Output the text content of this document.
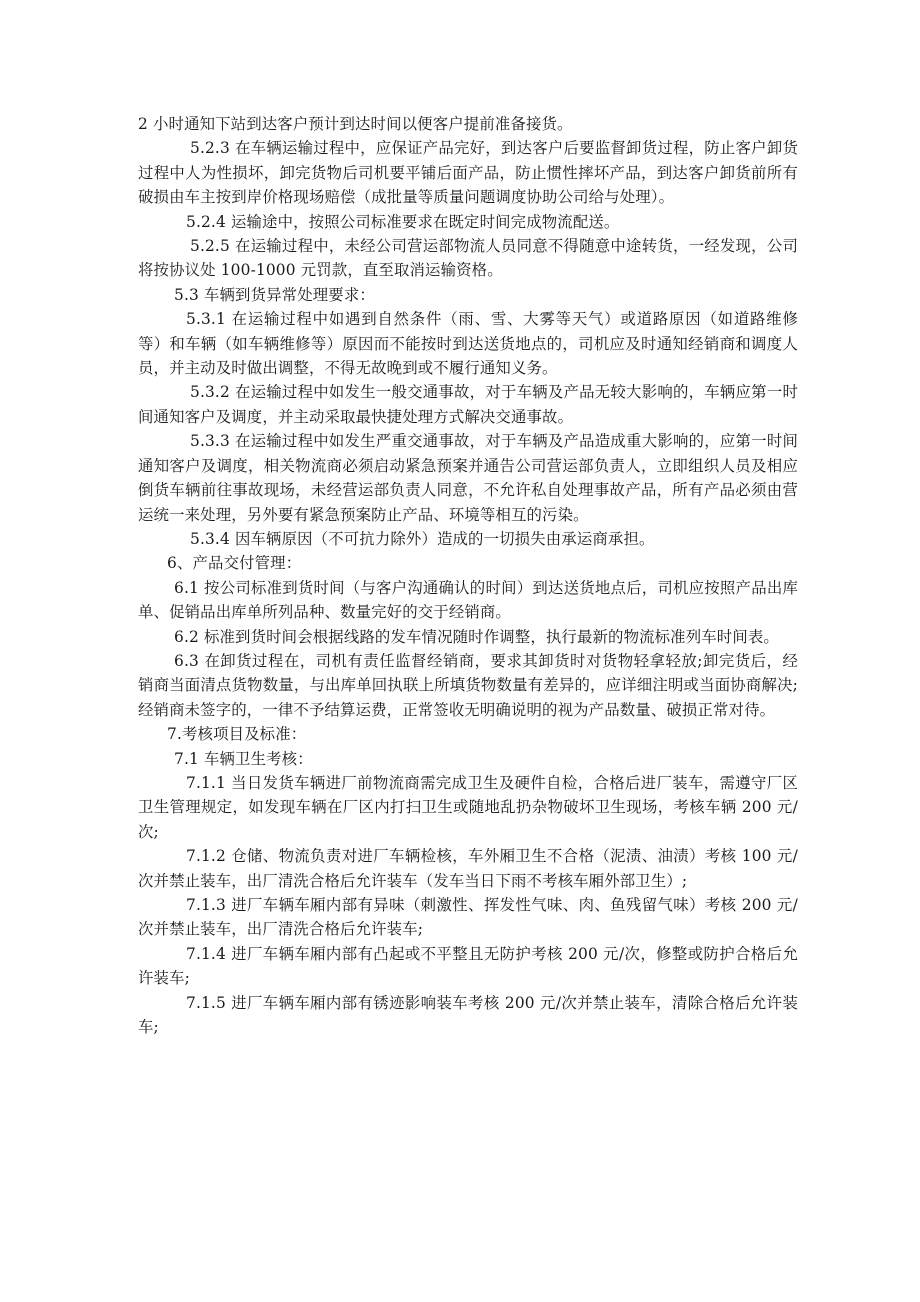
2 小时通知下站到达客户预计到达时间以便客户提前准备接货。

5.2.3 在车辆运输过程中，应保证产品完好，到达客户后要监督卸货过程，防止客户卸货过程中人为性损坏，卸完货物后司机要平铺后面产品，防止惯性摔坏产品，到达客户卸货前所有破损由车主按到岸价格现场赔偿（成批量等质量问题调度协助公司给与处理）。

5.2.4 运输途中，按照公司标准要求在既定时间完成物流配送。

5.2.5 在运输过程中，未经公司营运部物流人员同意不得随意中途转货，一经发现，公司将按协议处 100-1000 元罚款，直至取消运输资格。

5.3 车辆到货异常处理要求：

5.3.1 在运输过程中如遇到自然条件（雨、雪、大雾等天气）或道路原因（如道路维修等）和车辆（如车辆维修等）原因而不能按时到达送货地点的，司机应及时通知经销商和调度人员，并主动及时做出调整，不得无故晚到或不履行通知义务。

5.3.2 在运输过程中如发生一般交通事故，对于车辆及产品无较大影响的，车辆应第一时间通知客户及调度，并主动采取最快捷处理方式解决交通事故。

5.3.3 在运输过程中如发生严重交通事故，对于车辆及产品造成重大影响的，应第一时间通知客户及调度，相关物流商必须启动紧急预案并通告公司营运部负责人，立即组织人员及相应倒货车辆前往事故现场，未经营运部负责人同意，不允许私自处理事故产品，所有产品必须由营运统一来处理，另外要有紧急预案防止产品、环境等相互的污染。

5.3.4 因车辆原因（不可抗力除外）造成的一切损失由承运商承担。

6、产品交付管理：

6.1 按公司标准到货时间（与客户沟通确认的时间）到达送货地点后，司机应按照产品出库单、促销品出库单所列品种、数量完好的交于经销商。

6.2 标准到货时间会根据线路的发车情况随时作调整，执行最新的物流标准列车时间表。

6.3 在卸货过程在，司机有责任监督经销商，要求其卸货时对货物轻拿轻放;卸完货后，经销商当面清点货物数量，与出库单回执联上所填货物数量有差异的，应详细注明或当面协商解决; 经销商未签字的，一律不予结算运费，正常签收无明确说明的视为产品数量、破损正常对待。

7.考核项目及标准：

7.1 车辆卫生考核：

7.1.1 当日发货车辆进厂前物流商需完成卫生及硬件自检，合格后进厂装车，需遵守厂区卫生管理规定，如发现车辆在厂区内打扫卫生或随地乱扔杂物破坏卫生现场，考核车辆 200 元/次;

7.1.2 仓储、物流负责对进厂车辆检核，车外厢卫生不合格（泥渍、油渍）考核 100 元/次并禁止装车，出厂清洗合格后允许装车（发车当日下雨不考核车厢外部卫生）;

7.1.3 进厂车辆车厢内部有异味（刺激性、挥发性气味、肉、鱼残留气味）考核 200 元/次并禁止装车，出厂清洗合格后允许装车;

7.1.4 进厂车辆车厢内部有凸起或不平整且无防护考核 200 元/次，修整或防护合格后允许装车;

7.1.5 进厂车辆车厢内部有锈迹影响装车考核 200 元/次并禁止装车，清除合格后允许装车;
